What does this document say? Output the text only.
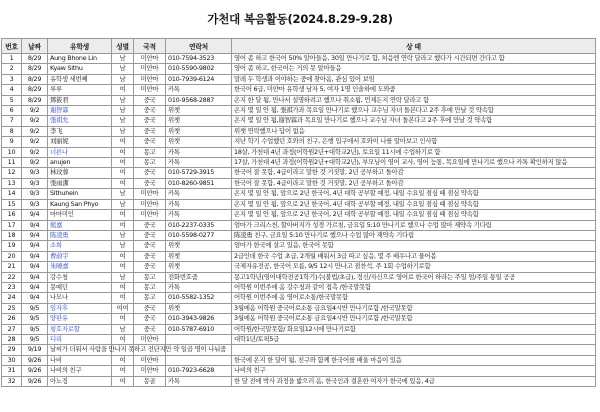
가천대 복음활동(2024.8.29-9.28)
번호	날짜	유학생	성별	국적	연락처	상 태
1	8/29	Aung Bhone Lin	남	미얀마	010-7594-3523	영어 좀 하고 한국어 50% 알아들음, 30일 만나기로 함, 처음엔 연락 달라고 했다가 시간되면 간다고 함
2	8/29	Kyaw Sithu	남	미얀마	010-5590-9802	영어 좀 하고, 한국어는 거의 못 알아들음
3	8/29	유학생 세번째	남	미얀마	010-7939-6124	말레 두 학생과 이야하는 중에 찾아옴, 관심 있어 보임
4	8/29	루루	여	미얀마	카톡	한국어 6급, 미얀마 유학생 남자 5, 여자 1명 인솔하에 도와줌
5	8/29	鄧筱君	남	중국	010-9568-2887	온지 한 달 됨, 만나서 설명하려고 했으나 취소됨, 언제든지 연락 달라고 함
6	9/2	谢智霖	남	중국	위챗	온지 몇 일 안 됨, 張祺가과 목요일 만나기로 했으나 교수님 자녀 돌본다고 2주 후에 만날 것 약속함
7	9/2	張祺允	남	중국	위챗	온지 몇 일 안 됨,谢智霖과 목요일 만나기로 했으나 교수님 자녀 돌본다고 2주 후에 만날 것 약속함
8	9/2	李飞	남	중국	위챗	위챗 연락했으나 답이 없음
9	9/2	刘丽妮	여	중국	위챗	지난 학기 수업했던 호와의 친구, 은행 입구에서 호와이 나를 알아보고 인사함
10	9/2	너른나	여	몽고	카톡	18살, 가천대 4년 과정(어학원2년+대학교2년), 토요일 11시에 수업하기로 함
11	9/2	anujen	여	몽고	카톡	17살, 가천대 4년 과정(어학원2년+대학교2년), 부모님이 영어 교사, 영어 능통, 목요일에 만나기로 했으나 카톡 확인하지 않음
12	9/3	林玟蓉	여	중국	010-5729-3915	한국어 잘 못함, 4급이라고 말한 것 거짓말, 2년 공부하고 돌아감
13	9/3	張雨潔	여	중국	010-8260-9851	한국어 잘 못함, 4급이라고 말한 것 거짓말, 2년 공부하고 돌아감
14	9/3	Sithuhein	남	미얀마	카톡	온지 몇 일 안 됨, 앞으로 2년 한국어, 4년 대학 공부할 예정, 내일 수요일 점심 때 점심 약속함
15	9/3	Kaung San Phyo	남	미얀마	카톡	온지 몇 일 안 됨, 앞으로 2년 한국어, 4년 대학 공부할 예정, 내일 수요일 점심 때 점심 약속함
16	9/4	마마미인	여	미얀마	카톡	온지 몇 일 안 됨, 앞으로 2년 한국어, 2년 대학 공부할 예정, 내일 수요일 점심 때 점심 약속함
17	9/4	熊嘉	여	중국	010-2237-0335	엄마가 크리스천, 할아버지가 성경 가르침, 금요일 5:10 만나기로 했으나 수업 많아 재약속 기다림
18	9/4	陈凌勇	남	중국	010-5598-0277	陈凌勇 친구, 금요일 5:10 만나기로 했으나 수업 많아 재약속 기다림
19	9/4	소희	남	중국	위챗	엄마가 한국에 살고 있음, 한국어 못함
20	9/4	曹蔚宇	여	중국	위챗	2급인데 한국 수업 초급, 2개월 배워서 3급 따고 싶음, 몇 주 배우나고 물어봄
21	9/4	朱曉嘉	여	중국	위챗	국제자유전공, 한국어 모름, 9/5 12시 만나고 점찬석, 주 1회 수업하기로함
22	9/4	강수청	남	몽고	전화번호줌	몽고1학년(영어대학전공1학기)수(불법/초급), 정신/자신으로 영어로 한국어 하라는 주일 엄/주일 통일 공공
23	9/4	몽예딘	여	몽고	카톡	어학원 이번주에 옴 강수청과 같이 접촉 /한국말못함
24	9/4	나모나	여	몽고	010-5582-1352	어학원 이번주에 옴 영어로소통/한국말못함
25	9/5	임자후	여여	중국	위챗	3월에옴 어학원 중국어로소통 금요일4시반 만나기로함 /한국말못함
26	9/5	양판유	여	중국	010-3943-9826	3월에옴 어학원 중국어로소통 금요일4시반 만나기로함 /한국말못함
27	9/5	펑호자로할	남	중국	010-5787-6910	어학원/한국말못함/ 화요일12시에 만나기로함
28	9/5	디리	여	미얀마		대학1년/토픽5급
29	9/19	날씨가 더워서 사람을 만나지 못하고 전단지만 약 일곱 명이 나눠줌				
30	9/26	나비	여	미얀마		한국에 온지 한 달이 됨, 친구와 함께 한국어를 배울 마음이 있음
31	9/26	나비의 친구	여	미얀마	010-7923-6628	나비의 친구
32	9/26	아노징	여	몽골	카톡	한 달 전에 박사 과정을 밟으러 옴, 한국인과 결혼한 여자가 한국에 있음, 4급
